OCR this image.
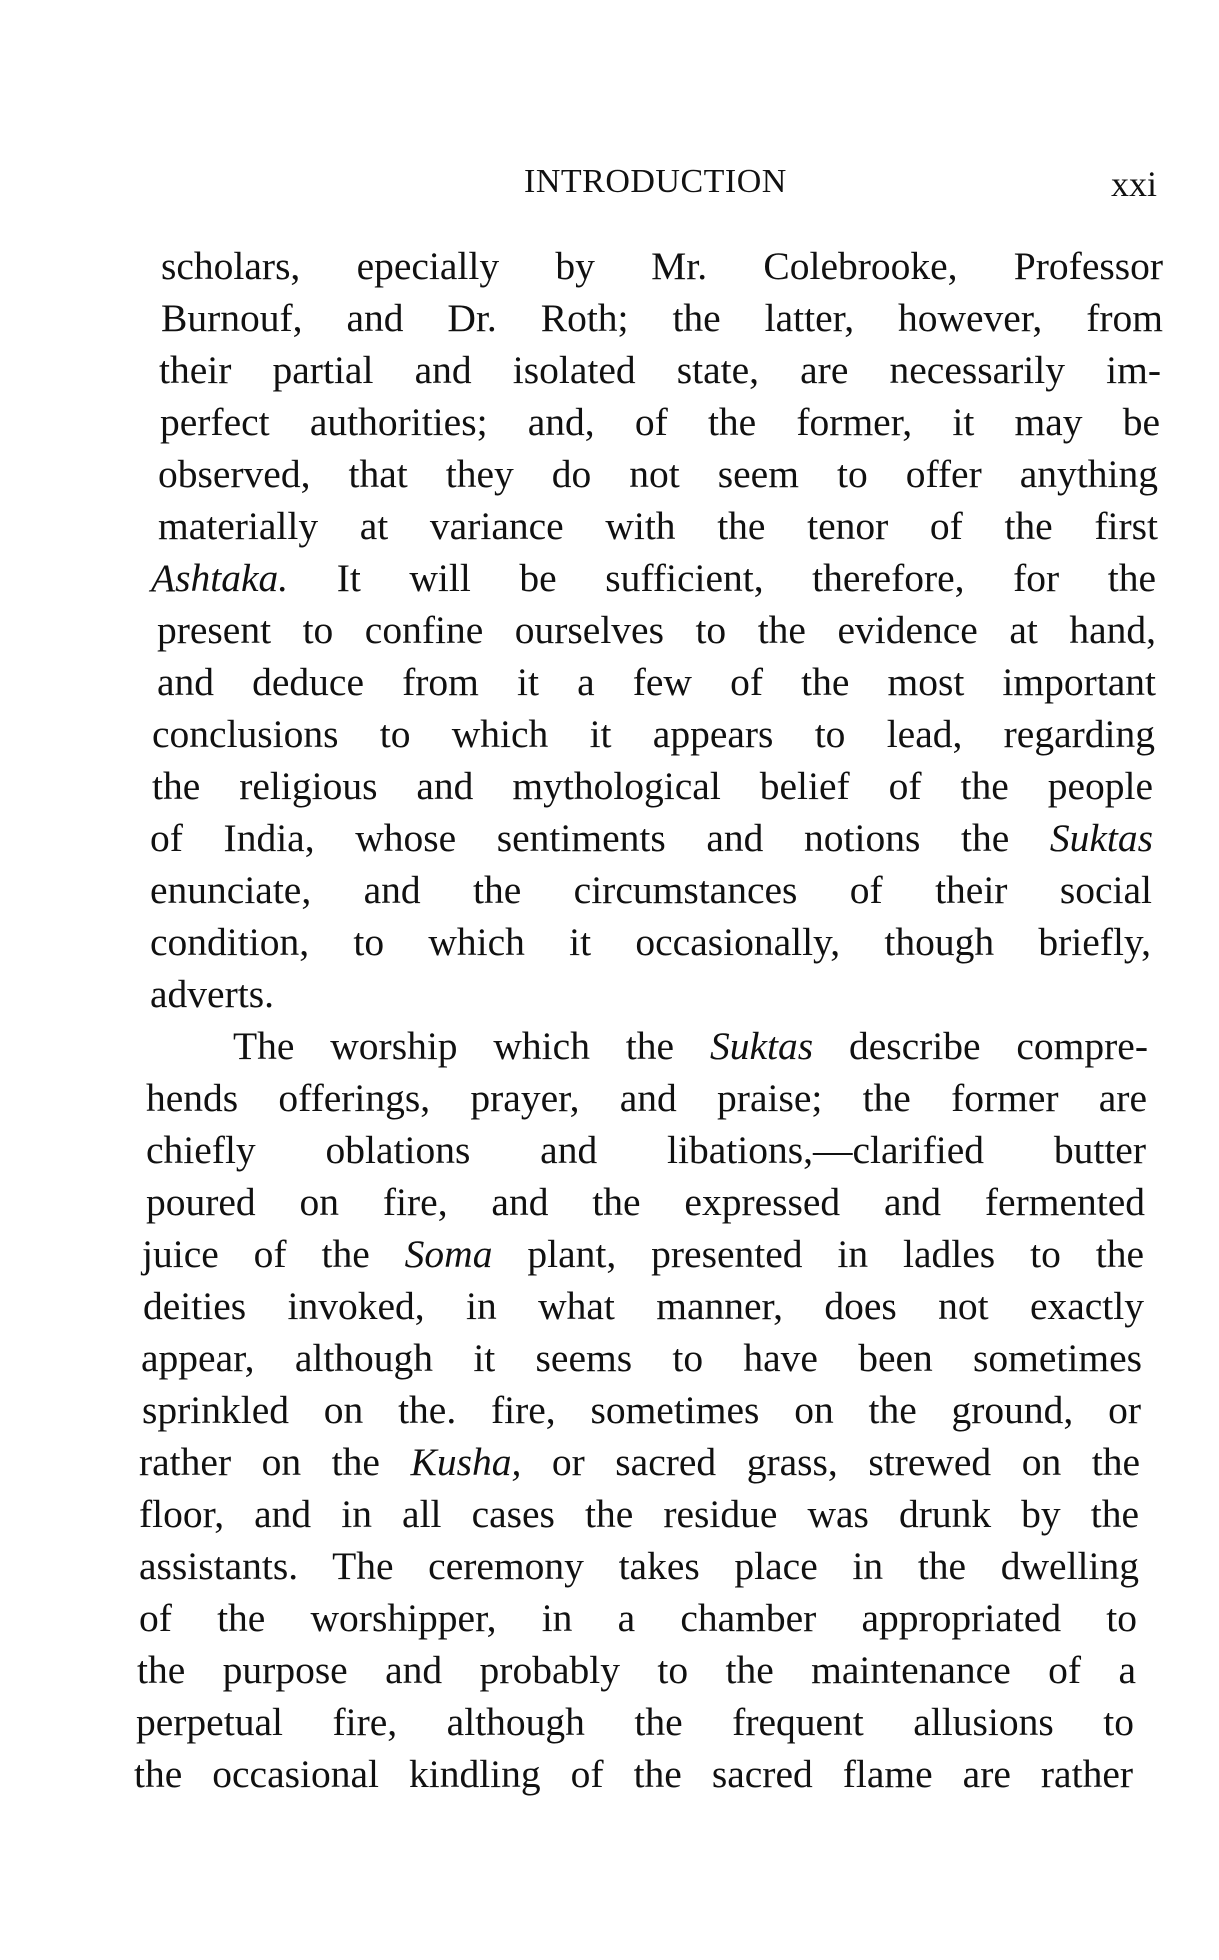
INTRODUCTION	xxi
scholars, epecially by Mr. Colebrooke, Professor
Burnouf, and Dr. Roth; the latter, however, from
their partial and isolated state, are necessarily im-
perfect authorities; and, of the former, it may be
observed, that they do not seem to offer anything
materially at variance with the tenor of the first
Ashtaka. It will be sufficient, therefore, for the
present to confine ourselves to the evidence at hand,
and deduce from it a few of the most important
conclusions to which it appears to lead, regarding
the religious and mythological belief of the people
of India, whose sentiments and notions the Suktas
enunciate, and the circumstances of their social
condition, to which it occasionally, though briefly,
adverts.
The worship which the Suktas describe compre-
hends offerings, prayer, and praise; the former are
chiefly oblations and libations,—clarified butter
poured on fire, and the expressed and fermented
juice of the Soma plant, presented in ladles to the
deities invoked, in what manner, does not exactly
appear, although it seems to have been sometimes
sprinkled on the. fire, sometimes on the ground, or
rather on the Kusha, or sacred grass, strewed on the
floor, and in all cases the residue was drunk by the
assistants. The ceremony takes place in the dwelling
of the worshipper, in a chamber appropriated to
the purpose and probably to the maintenance of a
perpetual fire, although the frequent allusions to
the occasional kindling of the sacred flame are rather
